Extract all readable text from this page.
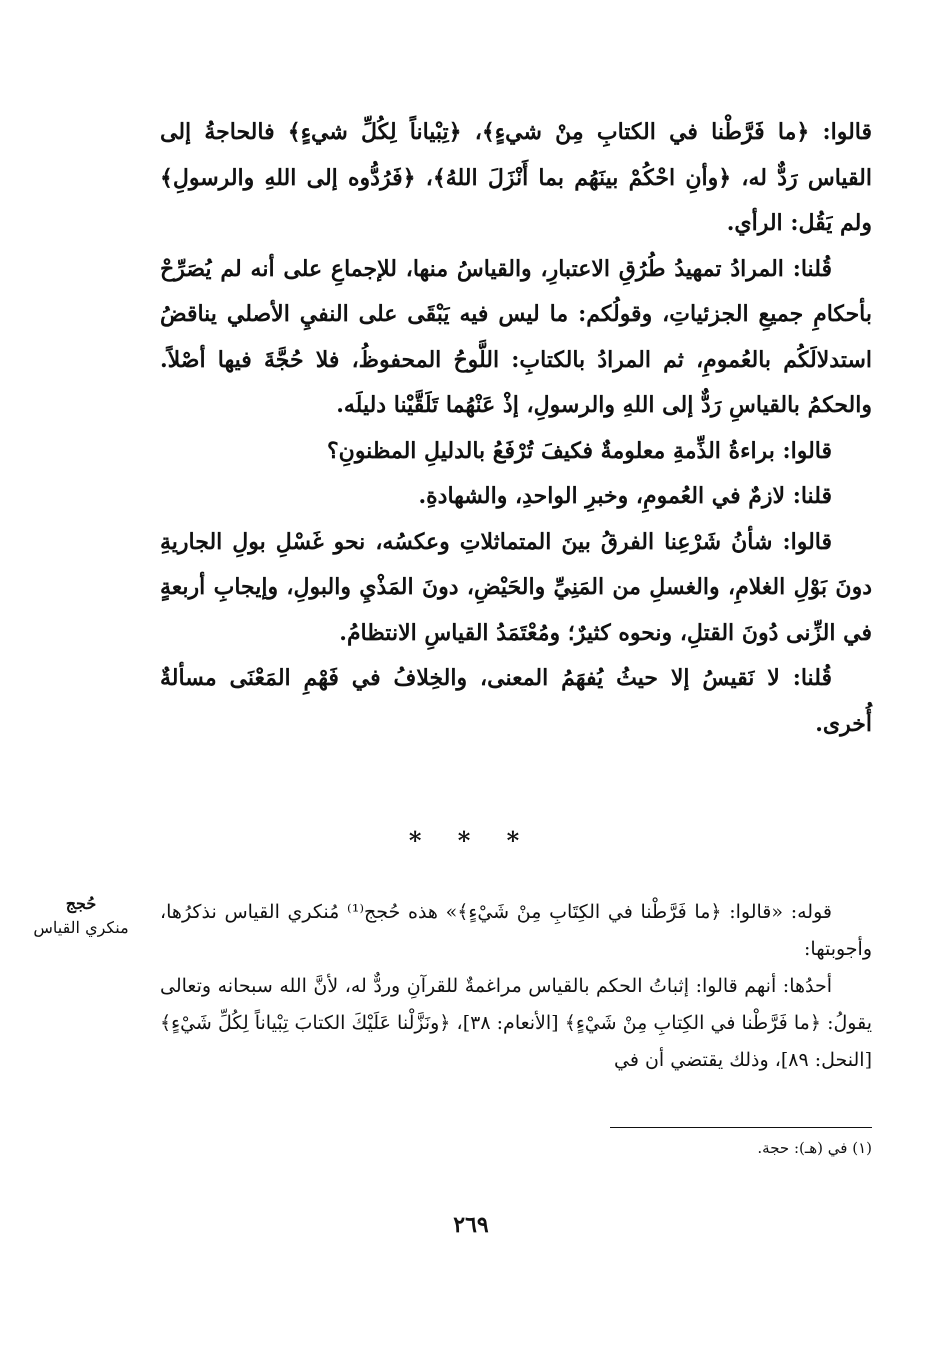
قالوا: ﴿ما فَرَّطْنا في الكتابِ مِنْ شيءٍ﴾، ﴿تِبْياناً لِكُلِّ شيءٍ﴾ فالحاجةُ إلى القياس رَدٌّ له، ﴿وأنِ احْكُمْ بينَهُم بما أَنْزَلَ اللهُ﴾، ﴿فَرُدُّوه إلى اللهِ والرسولِ﴾ ولم يَقُل: الرأي.

قُلنا: المرادُ تمهيدُ طُرُقِ الاعتبارِ، والقياسُ منها، للإجماعِ على أنه لم يُصَرِّحْ بأحكامِ جميعِ الجزئياتِ، وقولُكم: ما ليس فيه يَبْقَى على النفيِ الأصلي يناقضُ استدلالَكُم بالعُمومِ، ثم المرادُ بالكتابِ: اللَّوحُ المحفوظُ، فلا حُجَّةَ فيها أصْلاً. والحكمُ بالقياسِ رَدٌّ إلى اللهِ والرسولِ، إذْ عَنْهُما تَلَقَّيْنا دليلَه.

قالوا: براءةُ الذِّمةِ معلومةٌ فكيفَ تُرْفَعُ بالدليلِ المظنونِ؟

قلنا: لازمٌ في العُمومِ، وخبرِ الواحدِ، والشهادةِ.

قالوا: شأنُ شَرْعِنا الفرقُ بينَ المتماثلاتِ وعكسُه، نحو غَسْلِ بولِ الجاريةِ دونَ بَوْلِ الغلامِ، والغسلِ من المَنِيِّ والحَيْضِ، دونَ المَذْيِ والبولِ، وإيجابِ أربعةٍ في الزِّنى دُونَ القتلِ، ونحوه كثيرٌ؛ ومُعْتَمَدُ القياسِ الانتظامُ.

قُلنا: لا نَقيسُ إلا حيثُ يُفهَمُ المعنى، والخِلافُ في فَهْمِ المَعْنَى مسألةٌ أُخرى.

* * *
حُجج
منكري القياس

قوله: «قالوا: ﴿ما فَرَّطْنا في الكِتَابِ مِنْ شَيْءٍ﴾» هذه حُجج⁽¹⁾ مُنكري القياس نذكرُها، وأجوبتها:

أحدُها: أنهم قالوا: إثباتُ الحكم بالقياس مراغمةٌ للقرآنِ وردٌّ له، لأنَّ الله سبحانه وتعالى يقولُ: ﴿ما فَرَّطْنا في الكِتابِ مِنْ شَيْءٍ﴾ [الأنعام: ٣٨]، ﴿ونَزَّلْنا عَلَيْكَ الكتابَ تِبْياناً لِكُلِّ شَيْءٍ﴾ [النحل: ٨٩]، وذلك يقتضي أن في

(١) في (هـ): حجة.
٢٦٩
